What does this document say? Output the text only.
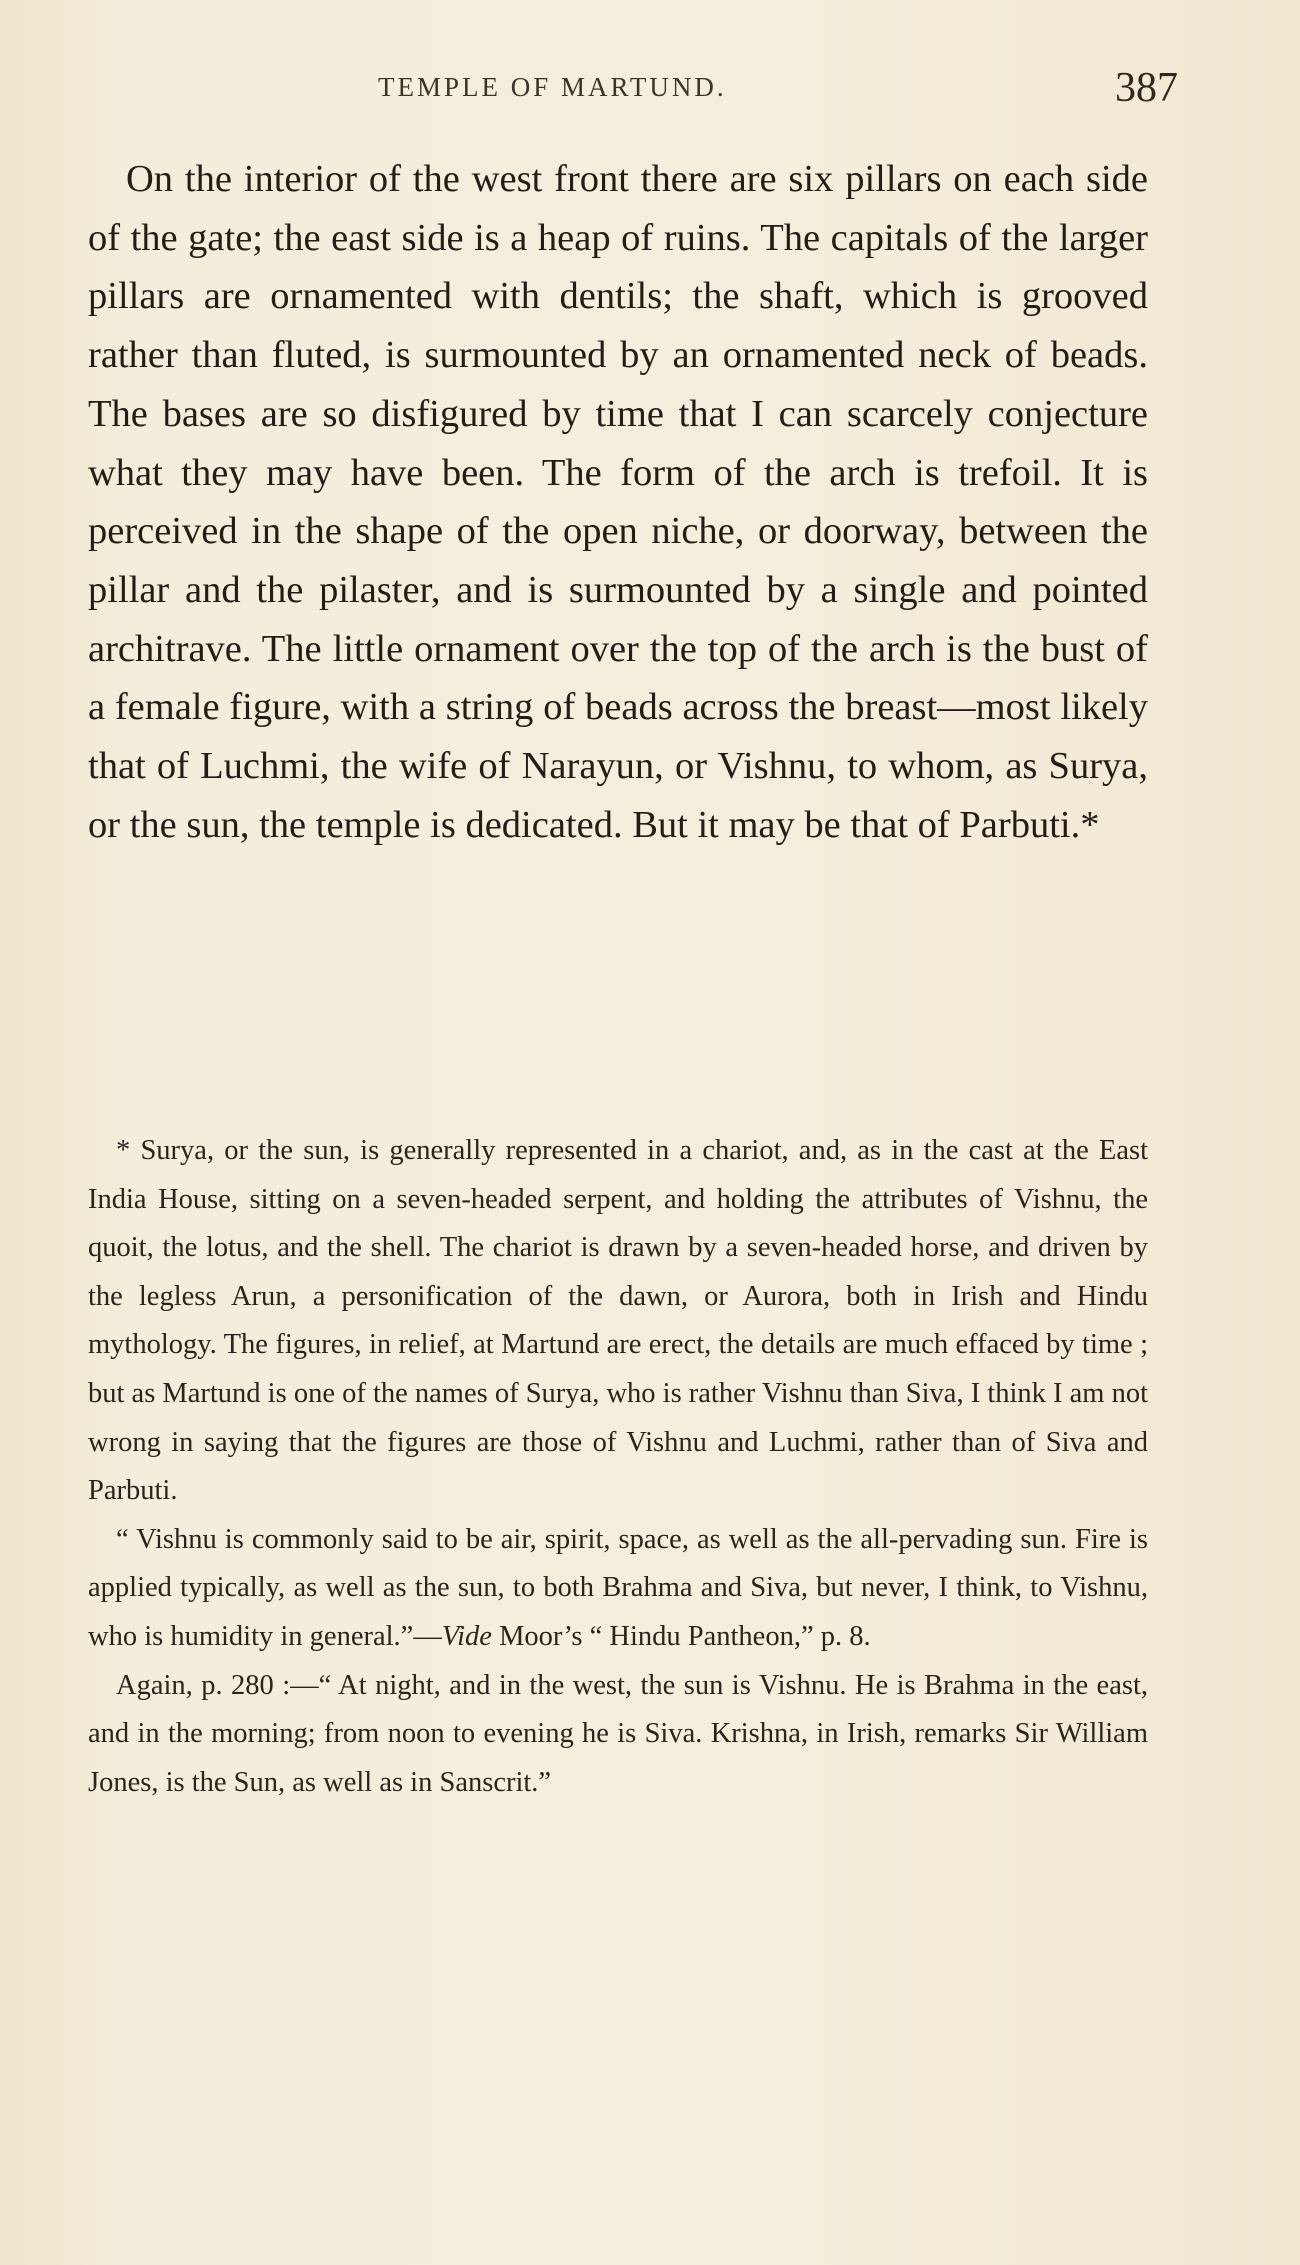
TEMPLE OF MARTUND.	387

On the interior of the west front there are six pillars on each side of the gate; the east side is a heap of ruins. The capitals of the larger pillars are ornamented with dentils; the shaft, which is grooved rather than fluted, is surmounted by an ornamented neck of beads. The bases are so disfigured by time that I can scarcely conjecture what they may have been. The form of the arch is trefoil. It is perceived in the shape of the open niche, or doorway, between the pillar and the pilaster, and is surmounted by a single and pointed architrave. The little ornament over the top of the arch is the bust of a female figure, with a string of beads across the breast—most likely that of Luchmi, the wife of Narayun, or Vishnu, to whom, as Surya, or the sun, the temple is dedicated. But it may be that of Parbuti.*

* Surya, or the sun, is generally represented in a chariot, and, as in the cast at the East India House, sitting on a seven-headed serpent, and holding the attributes of Vishnu, the quoit, the lotus, and the shell. The chariot is drawn by a seven-headed horse, and driven by the legless Arun, a personification of the dawn, or Aurora, both in Irish and Hindu mythology. The figures, in relief, at Martund are erect, the details are much effaced by time ; but as Martund is one of the names of Surya, who is rather Vishnu than Siva, I think I am not wrong in saying that the figures are those of Vishnu and Luchmi, rather than of Siva and Parbuti.

“ Vishnu is commonly said to be air, spirit, space, as well as the all-pervading sun. Fire is applied typically, as well as the sun, to both Brahma and Siva, but never, I think, to Vishnu, who is humidity in general.”—Vide Moor’s “ Hindu Pantheon,” p. 8.

Again, p. 280 :—“ At night, and in the west, the sun is Vishnu. He is Brahma in the east, and in the morning; from noon to evening he is Siva. Krishna, in Irish, remarks Sir William Jones, is the Sun, as well as in Sanscrit.”
